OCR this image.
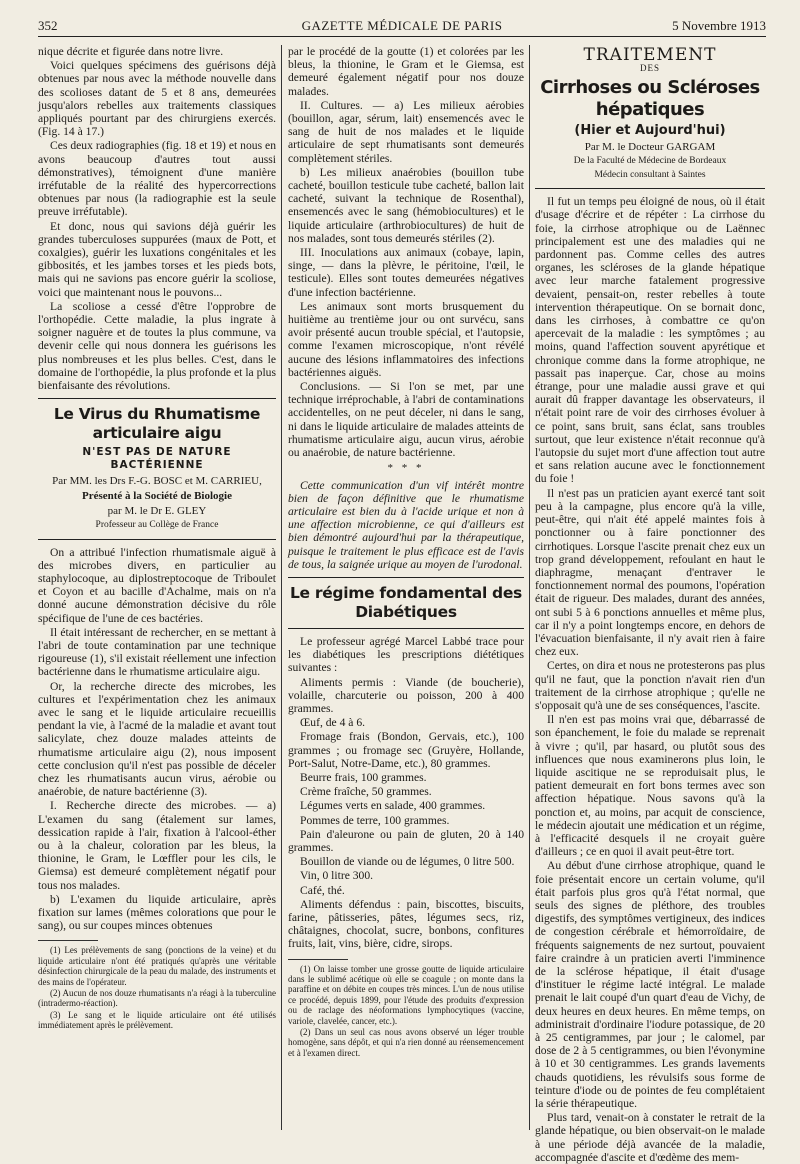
352	GAZETTE MÉDICALE DE PARIS	5 Novembre 1913

nique décrite et figurée dans notre livre.

Voici quelques spécimens des guérisons déjà obtenues par nous avec la méthode nouvelle dans des scolioses datant de 5 et 8 ans, demeurées jusqu'alors rebelles aux traitements classiques appliqués pourtant par des chirurgiens exercés. (Fig. 14 à 17.)

Ces deux radiographies (fig. 18 et 19) et nous en avons beaucoup d'autres tout aussi démonstratives), témoignent d'une manière irréfutable de la réalité des hypercorrections obtenues par nous (la radiographie est la seule preuve irréfutable).

Et donc, nous qui savions déjà guérir les grandes tuberculoses suppurées (maux de Pott, et coxalgies), guérir les luxations congénitales et les gibbosités, et les jambes torses et les pieds bots, mais qui ne savions pas encore guérir la scoliose, voici que maintenant nous le pouvons...

La scoliose a cessé d'être l'opprobre de l'orthopédie. Cette maladie, la plus ingrate à soigner naguère et de toutes la plus commune, va devenir celle qui nous donnera les guérisons les plus nombreuses et les plus belles. C'est, dans le domaine de l'orthopédie, la plus profonde et la plus bienfaisante des révolutions.

Le Virus du Rhumatisme articulaire aigu
N'EST PAS DE NATURE BACTÉRIENNE
Par MM. les Drs F.-G. BOSC et M. CARRIEU,
Présenté à la Société de Biologie
par M. le Dr E. GLEY
Professeur au Collège de France

On a attribué l'infection rhumatismale aiguë à des microbes divers, en particulier au staphylocoque, au diplostreptocoque de Triboulet et Coyon et au bacille d'Achalme, mais on n'a donné aucune démonstration décisive du rôle spécifique de l'une de ces bactéries.

Il était intéressant de rechercher, en se mettant à l'abri de toute contamination par une technique rigoureuse (1), s'il existait réellement une infection bactérienne dans le rhumatisme articulaire aigu.

Or, la recherche directe des microbes, les cultures et l'expérimentation chez les animaux avec le sang et le liquide articulaire recueillis pendant la vie, à l'acmé de la maladie et avant tout salicylate, chez douze malades atteints de rhumatisme articulaire aigu (2), nous imposent cette conclusion qu'il n'est pas possible de déceler chez les rhumatisants aucun virus, aérobie ou anaérobie, de nature bactérienne (3).

I. Recherche directe des microbes. — a) L'examen du sang (étalement sur lames, dessication rapide à l'air, fixation à l'alcool-éther ou à la chaleur, coloration par les bleus, la thionine, le Gram, le Lœffler pour les cils, le Giemsa) est demeuré complètement négatif pour tous nos malades.

b) L'examen du liquide articulaire, après fixation sur lames (mêmes colorations que pour le sang), ou sur coupes minces obtenues

(1) Les prélèvements de sang (ponctions de la veine) et du liquide articulaire n'ont été pratiqués qu'après une véritable désinfection chirurgicale de la peau du malade, des instruments et des mains de l'opérateur.

(2) Aucun de nos douze rhumatisants n'a réagi à la tuberculine (intradermo-réaction).

(3) Le sang et le liquide articulaire ont été utilisés immédiatement après le prélèvement.

par le procédé de la goutte (1) et colorées par les bleus, la thionine, le Gram et le Giemsa, est demeuré également négatif pour nos douze malades.

II. Cultures. — a) Les milieux aérobies (bouillon, agar, sérum, lait) ensemencés avec le sang de huit de nos malades et le liquide articulaire de sept rhumatisants sont demeurés complètement stériles.

b) Les milieux anaérobies (bouillon tube cacheté, bouillon testicule tube cacheté, ballon lait cacheté, suivant la technique de Rosenthal), ensemencés avec le sang (hémobiocultures) et le liquide articulaire (arthrobiocultures) de huit de nos malades, sont tous demeurés stériles (2).

III. Inoculations aux animaux (cobaye, lapin, singe, — dans la plèvre, le péritoine, l'œil, le testicule). Elles sont toutes demeurées négatives d'une infection bactérienne.

Les animaux sont morts brusquement du huitième au trentième jour ou ont survécu, sans avoir présenté aucun trouble spécial, et l'autopsie, comme l'examen microscopique, n'ont révélé aucune des lésions inflammatoires des infections bactériennes aiguës.

Conclusions. — Si l'on se met, par une technique irréprochable, à l'abri de contaminations accidentelles, on ne peut déceler, ni dans le sang, ni dans le liquide articulaire de malades atteints de rhumatisme articulaire aigu, aucun virus, aérobie ou anaérobie, de nature bactérienne.

* * *

Cette communication d'un vif intérêt montre bien de façon définitive que le rhumatisme articulaire est bien du à l'acide urique et non à une affection microbienne, ce qui d'ailleurs est bien démontré aujourd'hui par la thérapeutique, puisque le traitement le plus efficace est de l'avis de tous, la saignée urique au moyen de l'urodonal.

Le régime fondamental des Diabétiques

Le professeur agrégé Marcel Labbé trace pour les diabétiques les prescriptions diététiques suivantes :

Aliments permis : Viande (de boucherie), volaille, charcuterie ou poisson, 200 à 400 grammes.

Œuf, de 4 à 6.

Fromage frais (Bondon, Gervais, etc.), 100 grammes ; ou fromage sec (Gruyère, Hollande, Port-Salut, Notre-Dame, etc.), 80 grammes.

Beurre frais, 100 grammes.

Crème fraîche, 50 grammes.

Légumes verts en salade, 400 grammes.

Pommes de terre, 100 grammes.

Pain d'aleurone ou pain de gluten, 20 à 140 grammes.

Bouillon de viande ou de légumes, 0 litre 500.

Vin, 0 litre 300.

Café, thé.

Aliments défendus : pain, biscottes, biscuits, farine, pâtisseries, pâtes, légumes secs, riz, châtaignes, chocolat, sucre, bonbons, confitures fruits, lait, vins, bière, cidre, sirops.

(1) On laisse tomber une grosse goutte de liquide articulaire dans le sublimé acétique où elle se coagule ; on monte dans la paraffine et on débite en coupes très minces. L'un de nous utilise ce procédé, depuis 1899, pour l'étude des produits d'expression ou de raclage des néoformations lymphocytiques (vaccine, variole, clavelée, cancer, etc.).

(2) Dans un seul cas nous avons observé un léger trouble homogène, sans dépôt, et qui n'a rien donné au réensemencement et à l'examen direct.

TRAITEMENT
DES
Cirrhoses ou Scléroses hépatiques
(Hier et Aujourd'hui)
Par M. le Docteur GARGAM
De la Faculté de Médecine de Bordeaux
Médecin consultant à Saintes

Il fut un temps peu éloigné de nous, où il était d'usage d'écrire et de répéter : La cirrhose du foie, la cirrhose atrophique ou de Laënnec principalement est une des maladies qui ne pardonnent pas. Comme celles des autres organes, les scléroses de la glande hépatique avec leur marche fatalement progressive devaient, pensait-on, rester rebelles à toute intervention thérapeutique. On se bornait donc, dans les cirrhoses, à combattre ce qu'on apercevait de la maladie : les symptômes ; au moins, quand l'affection souvent apyrétique et chronique comme dans la forme atrophique, ne passait pas inaperçue. Car, chose au moins étrange, pour une maladie aussi grave et qui aurait dû frapper davantage les observateurs, il n'était point rare de voir des cirrhoses évoluer à ce point, sans bruit, sans éclat, sans troubles surtout, que leur existence n'était reconnue qu'à l'autopsie du sujet mort d'une affection tout autre et sans relation aucune avec le fonctionnement du foie !

Il n'est pas un praticien ayant exercé tant soit peu à la campagne, plus encore qu'à la ville, peut-être, qui n'ait été appelé maintes fois à ponctionner ou à faire ponctionner des cirrhotiques. Lorsque l'ascite prenait chez eux un trop grand développement, refoulant en haut le diaphragme, menaçant d'entraver le fonctionnement normal des poumons, l'opération était de rigueur. Des malades, durant des années, ont subi 5 à 6 ponctions annuelles et même plus, car il n'y a point longtemps encore, en dehors de l'évacuation bienfaisante, il n'y avait rien à faire chez eux.

Certes, on dira et nous ne protesterons pas plus qu'il ne faut, que la ponction n'avait rien d'un traitement de la cirrhose atrophique ; qu'elle ne s'opposait qu'à une de ses conséquences, l'ascite.

Il n'en est pas moins vrai que, débarrassé de son épanchement, le foie du malade se reprenait à vivre ; qu'il, par hasard, ou plutôt sous des influences que nous examinerons plus loin, le liquide ascitique ne se reproduisait plus, le patient demeurait en fort bons termes avec son affection hépatique. Nous savons qu'à la ponction et, au moins, par acquit de conscience, le médecin ajoutait une médication et un régime, à l'efficacité desquels il ne croyait guère d'ailleurs ; ce en quoi il avait peut-être tort.

Au début d'une cirrhose atrophique, quand le foie présentait encore un certain volume, qu'il était parfois plus gros qu'à l'état normal, que seuls des signes de pléthore, des troubles digestifs, des symptômes vertigineux, des indices de congestion cérébrale et hémorroïdaire, de fréquents saignements de nez surtout, pouvaient faire craindre à un praticien averti l'imminence de la sclérose hépatique, il était d'usage d'instituer le régime lacté intégral. Le malade prenait le lait coupé d'un quart d'eau de Vichy, de deux heures en deux heures. En même temps, on administrait d'ordinaire l'iodure potassique, de 20 à 25 centigrammes, par jour ; le calomel, par dose de 2 à 5 centigrammes, ou bien l'évonymine à 10 et 30 centigrammes. Les grands lavements chauds quotidiens, les révulsifs sous forme de teinture d'iode ou de pointes de feu complétaient la série thérapeutique.

Plus tard, venait-on à constater le retrait de la glande hépatique, ou bien observait-on le malade à une période déjà avancée de la maladie, accompagnée d'ascite et d'œdème des mem-
